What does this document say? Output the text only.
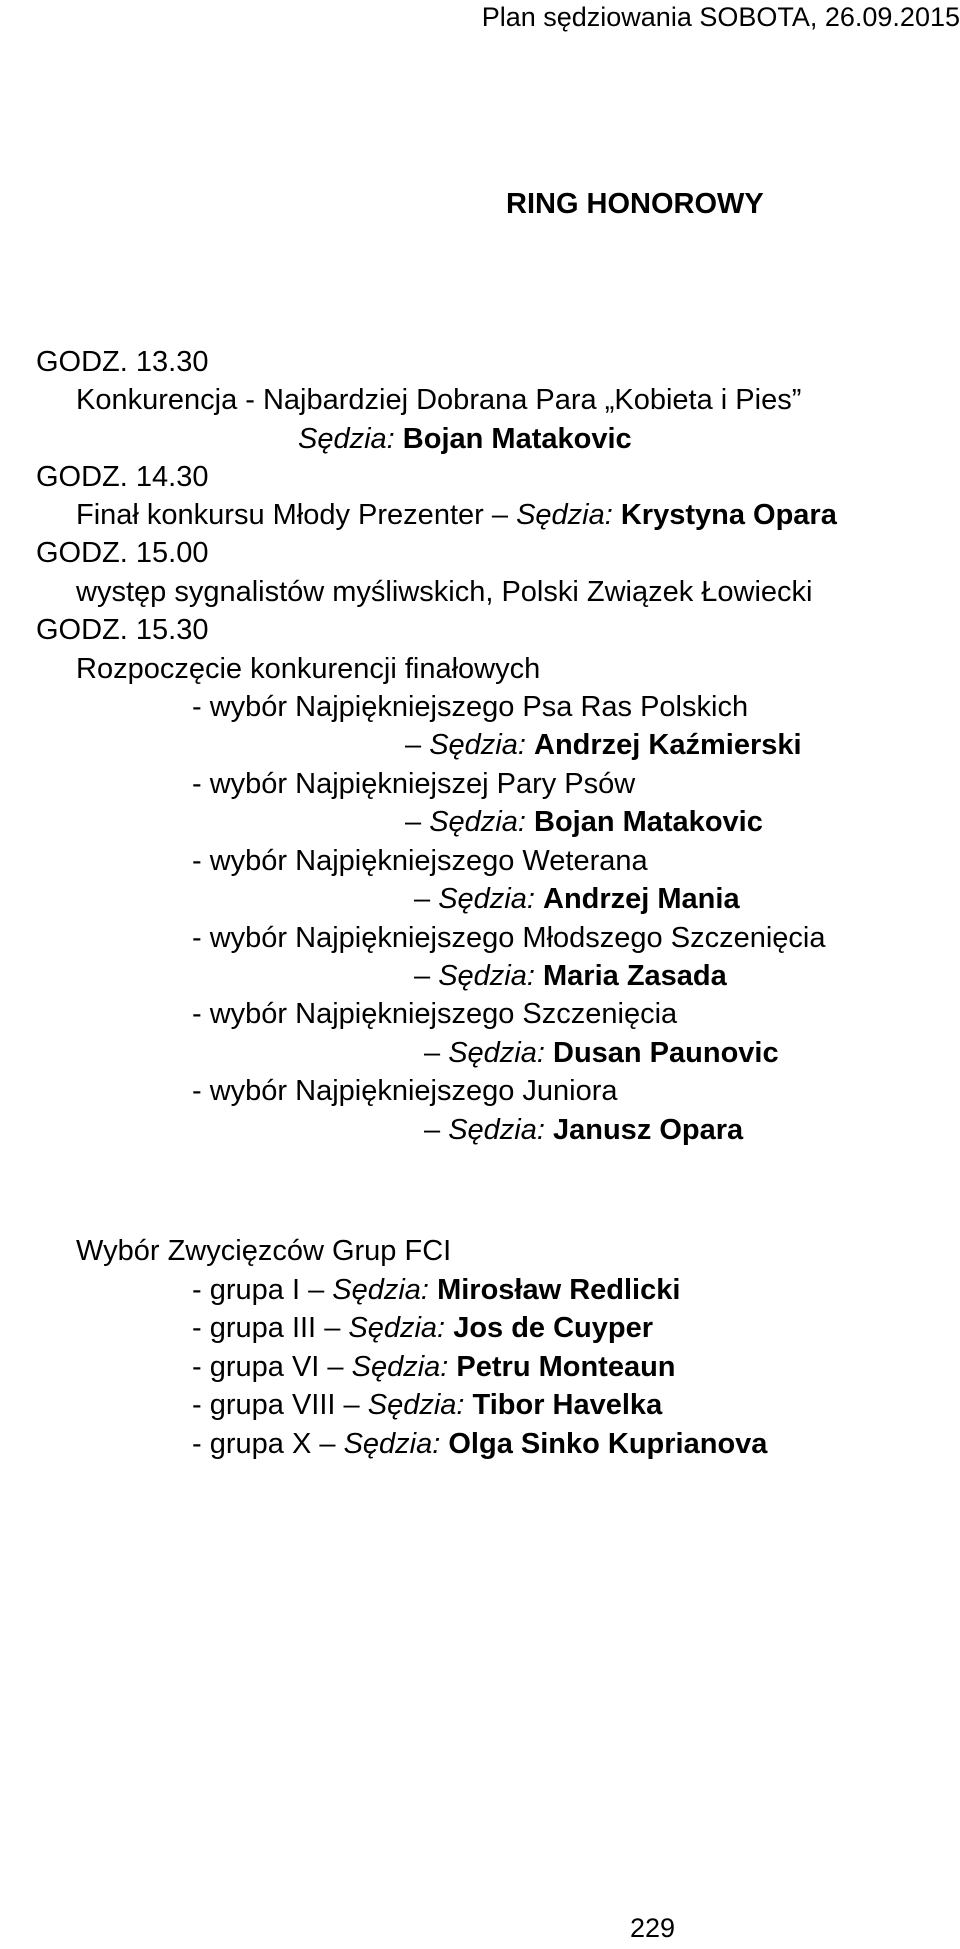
Plan sędziowania SOBOTA, 26.09.2015
RING HONOROWY
GODZ. 13.30
Konkurencja - Najbardziej Dobrana Para „Kobieta i Pies”
Sędzia: Bojan Matakovic
GODZ. 14.30
Finał konkursu Młody Prezenter – Sędzia: Krystyna Opara
GODZ. 15.00
występ sygnalistów myśliwskich, Polski Związek Łowiecki
GODZ. 15.30
Rozpoczęcie konkurencji finałowych
- wybór Najpiękniejszego Psa Ras Polskich
– Sędzia: Andrzej Kaźmierski
- wybór Najpiękniejszej Pary Psów
– Sędzia: Bojan Matakovic
- wybór Najpiękniejszego Weterana
– Sędzia: Andrzej Mania
- wybór Najpiękniejszego Młodszego Szczenięcia
– Sędzia: Maria Zasada
- wybór Najpiękniejszego Szczenięcia
– Sędzia: Dusan Paunovic
- wybór Najpiękniejszego Juniora
– Sędzia: Janusz Opara
Wybór Zwycięzców Grup FCI
- grupa I – Sędzia: Mirosław Redlicki
- grupa III – Sędzia: Jos de Cuyper
- grupa VI – Sędzia: Petru Monteaun
- grupa VIII – Sędzia: Tibor Havelka
- grupa X – Sędzia: Olga Sinko Kuprianova
229
